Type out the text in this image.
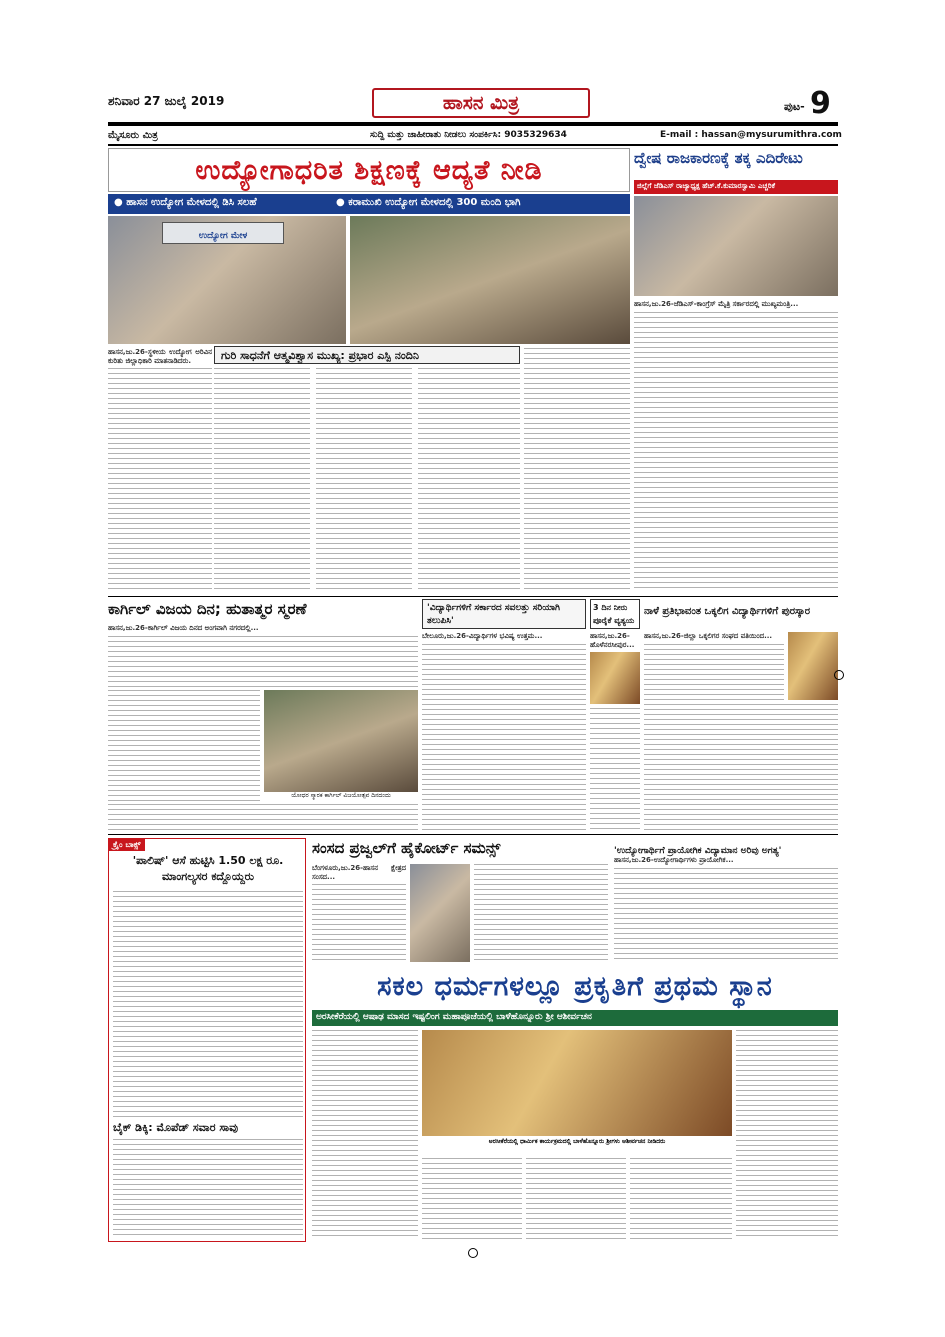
ಶನಿವಾರ 27 ಜುಲೈ 2019	ಹಾಸನ ಮಿತ್ರ	ಪುಟ- 9
ಮೈಸೂರು ಮಿತ್ರ	ಸುದ್ದಿ ಮತ್ತು ಜಾಹೀರಾತು ನೀಡಲು ಸಂಪರ್ಕಿಸಿ: 9035329634	E-mail : hassan@mysurumithra.com
ಉದ್ಯೋಗಾಧರಿತ ಶಿಕ್ಷಣಕ್ಕೆ ಆದ್ಯತೆ ನೀಡಿ
● ಹಾಸನ ಉದ್ಯೋಗ ಮೇಳದಲ್ಲಿ ಡಿಸಿ ಸಲಹೆ	● ಕರಾಮುಖಿ ಉದ್ಯೋಗ ಮೇಳದಲ್ಲಿ 300 ಮಂದಿ ಭಾಗಿ
ಉದ್ಯೋಗ ಮೇಳ
ಹಾಸನ,ಜು.26-ಸ್ಥಳೀಯ ಉದ್ಯೋಗ ಅರಿವಿನ ಕುರಿತು ಜಿಲ್ಲಾಧಿಕಾರಿ ಮಾತನಾಡಿದರು.	ಗುರಿ ಸಾಧನೆಗೆ ಆತ್ಮವಿಶ್ವಾಸ ಮುಖ್ಯ: ಪ್ರಭಾರ ಎಸ್ಪಿ ನಂದಿನಿ
ದ್ವೇಷ ರಾಜಕಾರಣಕ್ಕೆ ತಕ್ಕ ಎದಿರೇಟು
ಜಿಲ್ಲೆಗೆ ಜೆಡಿಎಸ್ ರಾಜ್ಯಾಧ್ಯಕ್ಷ ಹೆಚ್.ಕೆ.ಕುಮಾರಸ್ವಾಮಿ ಎಚ್ಚರಿಕೆ
ಹಾಸನ,ಜು.26-ಜೆಡಿಎಸ್-ಕಾಂಗ್ರೆಸ್ ಮೈತ್ರಿ ಸರ್ಕಾರದಲ್ಲಿ ಮುಖ್ಯಮಂತ್ರಿ...
ಕಾರ್ಗಿಲ್ ವಿಜಯ ದಿನ; ಹುತಾತ್ಮರ ಸ್ಮರಣೆ
ಹಾಸನ,ಜು.26-ಕಾರ್ಗಿಲ್ ವಿಜಯ ದಿನದ ಅಂಗವಾಗಿ ನಗರದಲ್ಲಿ...
ಯೋಧರ ಸ್ಮಾರಕ ಕಾರ್ಗಿಲ್ ವಿಜಯೋತ್ಸವ ದಿನದಂದು
'ವಿದ್ಯಾರ್ಥಿಗಳಿಗೆ ಸರ್ಕಾರದ ಸವಲತ್ತು ಸರಿಯಾಗಿ ತಲುಪಿಸಿ'
ಬೇಲೂರು,ಜು.26-ವಿದ್ಯಾರ್ಥಿಗಳ ಭವಿಷ್ಯ ಉತ್ತಮ...
3 ದಿನ ನೀರು ಪೂರೈಕೆ ವ್ಯತ್ಯಯ
ಹಾಸನ,ಜು.26-ಹೊಳೆನರಸೀಪುರ...
ನಾಳೆ ಪ್ರತಿಭಾವಂತ ಒಕ್ಕಲಿಗ ವಿದ್ಯಾರ್ಥಿಗಳಿಗೆ ಪುರಸ್ಕಾರ
ಹಾಸನ,ಜು.26-ಜಿಲ್ಲಾ ಒಕ್ಕಲಿಗರ ಸಂಘದ ವತಿಯಿಂದ...
ಕ್ರೈಂ ಬಾಕ್ಸ್
'ಪಾಲಿಷ್' ಆಸೆ ಹುಟ್ಟಿಸಿ 1.50 ಲಕ್ಷ ರೂ. ಮಾಂಗಲ್ಯಸರ ಕದ್ದೊಯ್ದರು
ಬೈಕ್ ಡಿಕ್ಕಿ: ಮೊಪೆಡ್ ಸವಾರ ಸಾವು
ಸಂಸದ ಪ್ರಜ್ವಲ್‌ಗೆ ಹೈಕೋರ್ಟ್ ಸಮನ್ಸ್
ಬೆಂಗಳೂರು,ಜು.26-ಹಾಸನ ಕ್ಷೇತ್ರದ ಸಂಸದ...
'ಉದ್ಯೋಗಾರ್ಥಿಗೆ ಪ್ರಾಯೋಗಿಕ ವಿದ್ಯಾಮಾನ ಅರಿವು ಅಗತ್ಯ'
ಹಾಸನ,ಜು.26-ಉದ್ಯೋಗಾರ್ಥಿಗಳು ಪ್ರಾಯೋಗಿಕ...
ಸಕಲ ಧರ್ಮಗಳಲ್ಲೂ ಪ್ರಕೃತಿಗೆ ಪ್ರಥಮ ಸ್ಥಾನ
ಅರಸೀಕೆರೆಯಲ್ಲಿ ಆಷಾಢ ಮಾಸದ ಇಷ್ಟಲಿಂಗ ಮಹಾಪೂಜೆಯಲ್ಲಿ ಬಾಳೆಹೊನ್ನೂರು ಶ್ರೀ ಆಶೀರ್ವಚನ
ಅರಸೀಕೆರೆಯಲ್ಲಿ ಧಾರ್ಮಿಕ ಕಾರ್ಯಕ್ರಮದಲ್ಲಿ ಬಾಳೆಹೊನ್ನೂರು ಶ್ರೀಗಳು ಆಶೀರ್ವಚನ ನೀಡಿದರು
